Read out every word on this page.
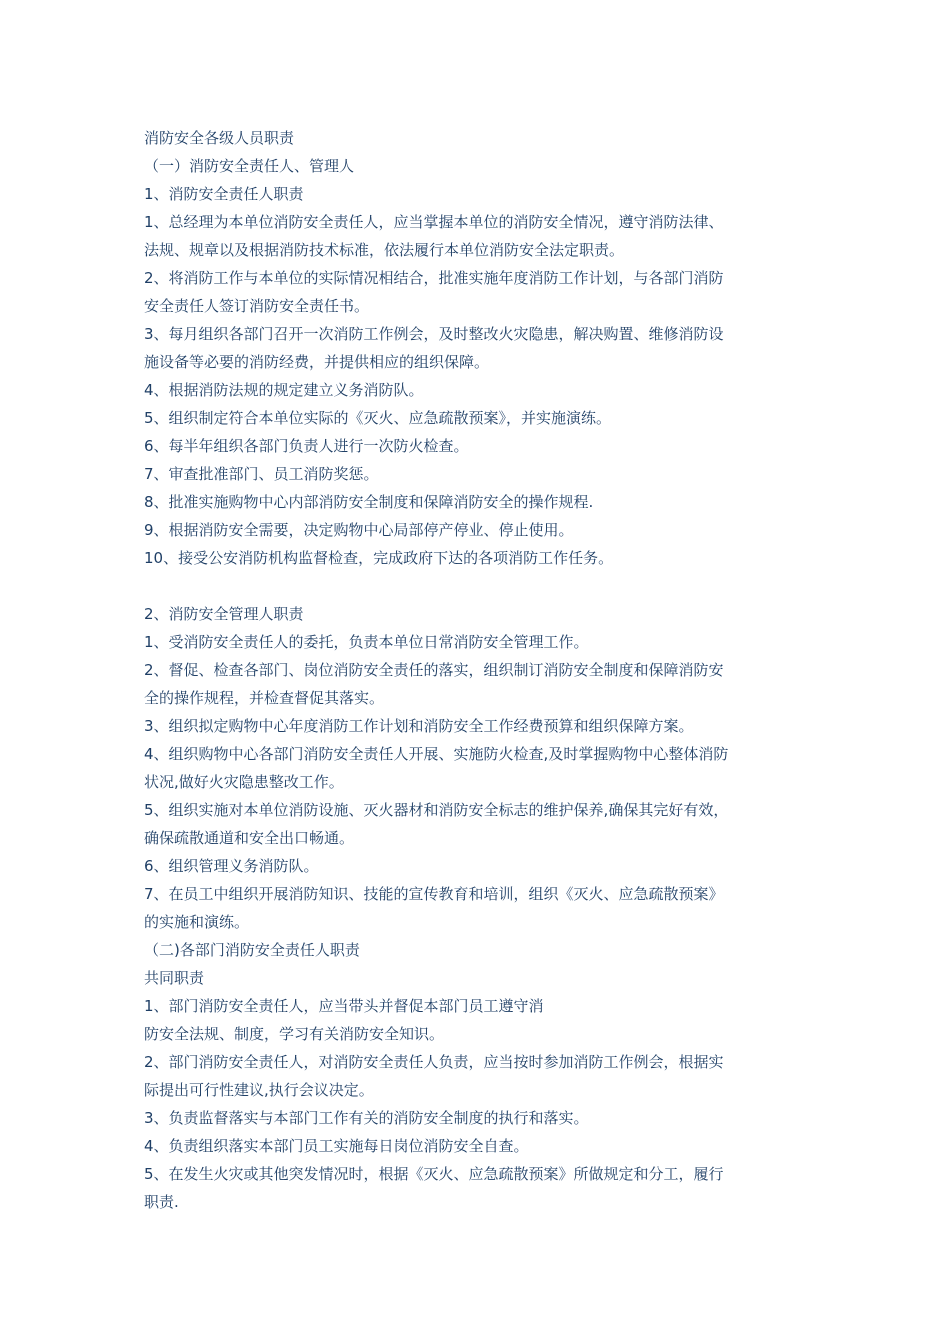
消防安全各级人员职责
（一）消防安全责任人、管理人
1、消防安全责任人职责
1、总经理为本单位消防安全责任人，应当掌握本单位的消防安全情况，遵守消防法律、
法规、规章以及根据消防技术标准，依法履行本单位消防安全法定职责。
2、将消防工作与本单位的实际情况相结合，批准实施年度消防工作计划，与各部门消防
安全责任人签订消防安全责任书。
3、每月组织各部门召开一次消防工作例会，及时整改火灾隐患，解决购置、维修消防设
施设备等必要的消防经费，并提供相应的组织保障。
4、根据消防法规的规定建立义务消防队。
5、组织制定符合本单位实际的《灭火、应急疏散预案》，并实施演练。
6、每半年组织各部门负责人进行一次防火检查。
7、审查批准部门、员工消防奖惩。
8、批准实施购物中心内部消防安全制度和保障消防安全的操作规程.
9、根据消防安全需要，决定购物中心局部停产停业、停止使用。
10、接受公安消防机构监督检查，完成政府下达的各项消防工作任务。
2、消防安全管理人职责
1、受消防安全责任人的委托，负责本单位日常消防安全管理工作。
2、督促、检查各部门、岗位消防安全责任的落实，组织制订消防安全制度和保障消防安
全的操作规程，并检查督促其落实。
3、组织拟定购物中心年度消防工作计划和消防安全工作经费预算和组织保障方案。
4、组织购物中心各部门消防安全责任人开展、实施防火检查,及时掌握购物中心整体消防
状况,做好火灾隐患整改工作。
5、组织实施对本单位消防设施、灭火器材和消防安全标志的维护保养,确保其完好有效，
确保疏散通道和安全出口畅通。
6、组织管理义务消防队。
7、在员工中组织开展消防知识、技能的宣传教育和培训，组织《灭火、应急疏散预案》
的实施和演练。
（二)各部门消防安全责任人职责
共同职责
1、部门消防安全责任人，应当带头并督促本部门员工遵守消
防安全法规、制度，学习有关消防安全知识。
2、部门消防安全责任人，对消防安全责任人负责，应当按时参加消防工作例会，根据实
际提出可行性建议,执行会议决定。
3、负责监督落实与本部门工作有关的消防安全制度的执行和落实。
4、负责组织落实本部门员工实施每日岗位消防安全自查。
5、在发生火灾或其他突发情况时，根据《灭火、应急疏散预案》所做规定和分工，履行
职责.
